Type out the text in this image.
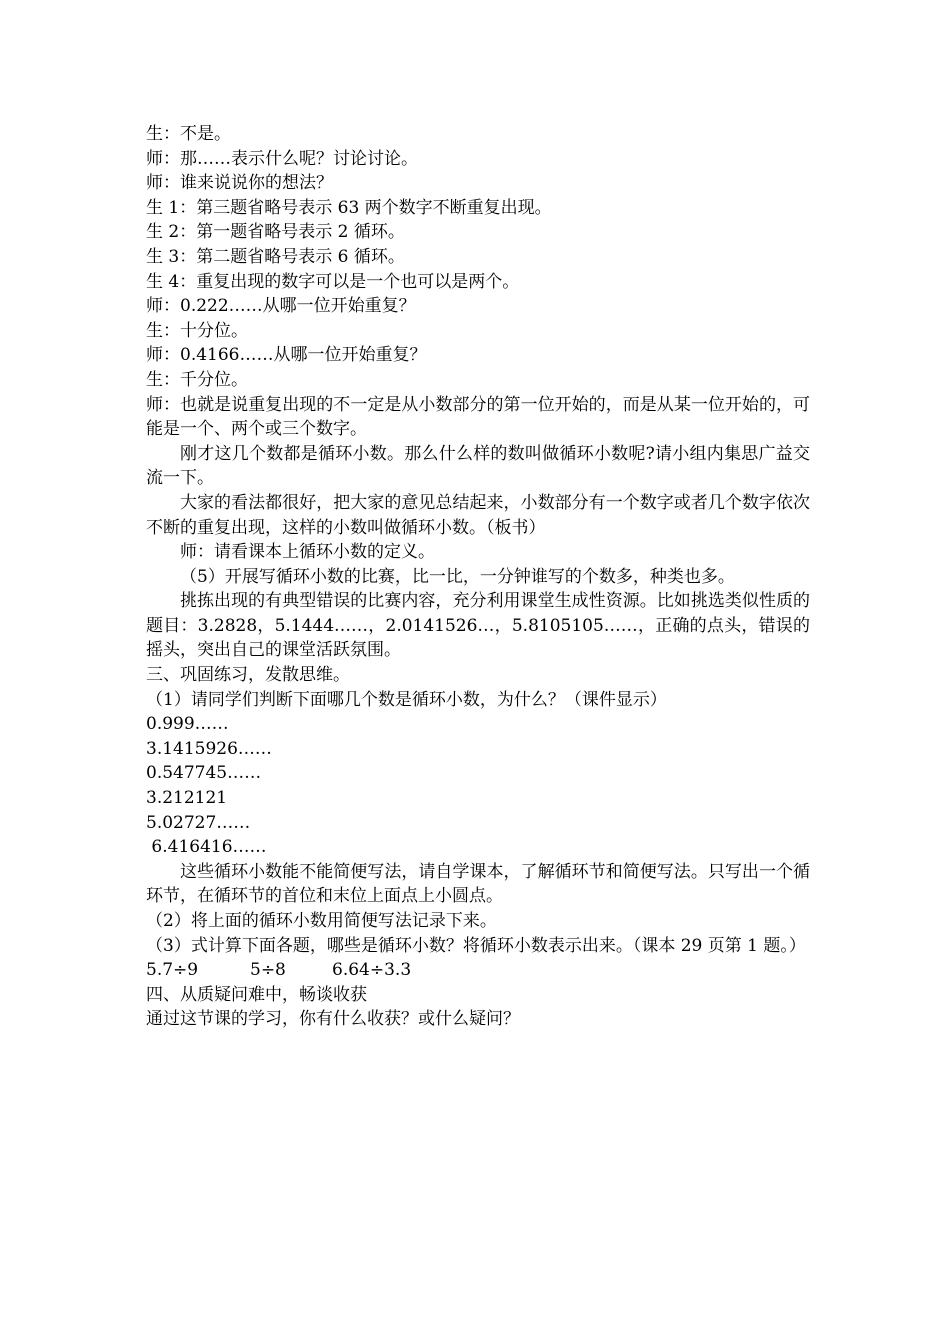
生：不是。

师：那……表示什么呢？讨论讨论。

师：谁来说说你的想法？

生 1：第三题省略号表示 63 两个数字不断重复出现。

生 2：第一题省略号表示 2 循环。

生 3：第二题省略号表示 6 循环。

生 4：重复出现的数字可以是一个也可以是两个。

师：0.222……从哪一位开始重复？

生：十分位。

师：0.4166……从哪一位开始重复？

生：千分位。

师：也就是说重复出现的不一定是从小数部分的第一位开始的，而是从某一位开始的，可能是一个、两个或三个数字。

刚才这几个数都是循环小数。那么什么样的数叫做循环小数呢?请小组内集思广益交流一下。

大家的看法都很好，把大家的意见总结起来，小数部分有一个数字或者几个数字依次不断的重复出现，这样的小数叫做循环小数。（板书）

师：请看课本上循环小数的定义。

（5）开展写循环小数的比赛，比一比，一分钟谁写的个数多，种类也多。

挑拣出现的有典型错误的比赛内容，充分利用课堂生成性资源。比如挑选类似性质的题目：3.2828，5.1444……，2.0141526…，5.8105105……，正确的点头，错误的摇头，突出自己的课堂活跃氛围。

三、巩固练习，发散思维。

（1）请同学们判断下面哪几个数是循环小数，为什么？（课件显示）

0.999……

3.1415926……

0.547745……

3.212121

5.02727……

6.416416……

这些循环小数能不能简便写法，请自学课本，了解循环节和简便写法。只写出一个循环节，在循环节的首位和末位上面点上小圆点。

（2）将上面的循环小数用简便写法记录下来。

（3）式计算下面各题，哪些是循环小数？将循环小数表示出来。（课本 29 页第 1 题。）

5.7÷9	5÷8	6.64÷3.3

四、从质疑问难中，畅谈收获

通过这节课的学习，你有什么收获？或什么疑问？
